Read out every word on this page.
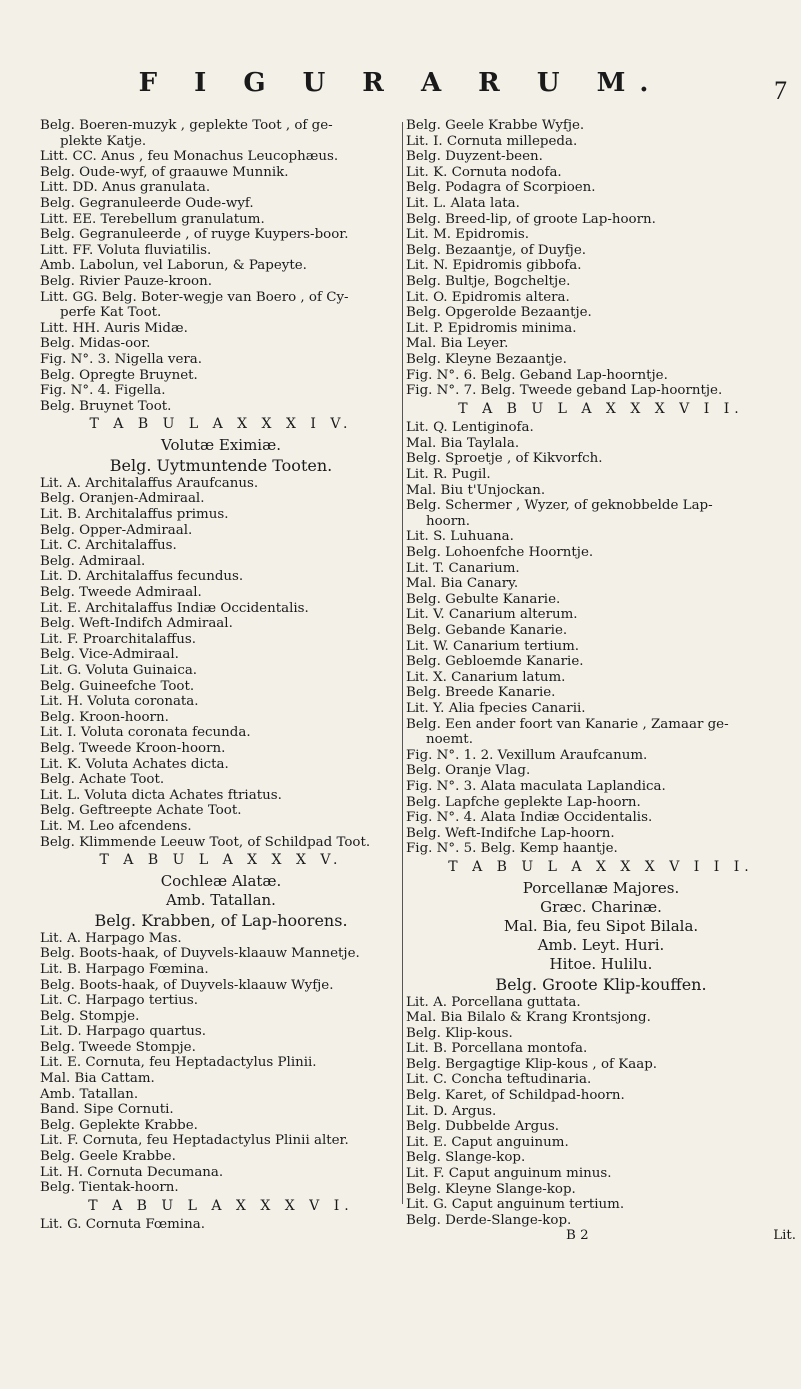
F I G U R A R U M.	7
Belg. Boeren-muzyk , geplekte Toot , of ge-
plekte Katje.
Litt. CC. Anus , feu Monachus Leucophæus.
Belg. Oude-wyf, of graauwe Munnik.
Litt. DD. Anus granulata.
Belg. Gegranuleerde Oude-wyf.
Litt. EE. Terebellum granulatum.
Belg. Gegranuleerde , of ruyge Kuypers-boor.
Litt. FF. Voluta fluviatilis.
Amb. Labolun, vel Laborun, & Papeyte.
Belg. Rivier Pauze-kroon.
Litt. GG. Belg. Boter-wegje van Boero , of Cy-
perfe Kat Toot.
Litt. HH. Auris Midæ.
Belg. Midas-oor.
Fig. N°. 3. Nigella vera.
Belg. Opregte Bruynet.
Fig. N°. 4. Figella.
Belg. Bruynet Toot.
T A B U L A X X X I V.
Volutæ Eximiæ.
Belg. Uytmuntende Tooten.
Lit. A. Architalaffus Araufcanus.
Belg. Oranjen-Admiraal.
Lit. B. Architalaffus primus.
Belg. Opper-Admiraal.
Lit. C. Architalaffus.
Belg. Admiraal.
Lit. D. Architalaffus fecundus.
Belg. Tweede Admiraal.
Lit. E. Architalaffus Indiæ Occidentalis.
Belg. Weft-Indifch Admiraal.
Lit. F. Proarchitalaffus.
Belg. Vice-Admiraal.
Lit. G. Voluta Guinaica.
Belg. Guineefche Toot.
Lit. H. Voluta coronata.
Belg. Kroon-hoorn.
Lit. I. Voluta coronata fecunda.
Belg. Tweede Kroon-hoorn.
Lit. K. Voluta Achates dicta.
Belg. Achate Toot.
Lit. L. Voluta dicta Achates ftriatus.
Belg. Geftreepte Achate Toot.
Lit. M. Leo afcendens.
Belg. Klimmende Leeuw Toot, of Schildpad Toot.
T A B U L A X X X V.
Cochleæ Alatæ.
Amb. Tatallan.
Belg. Krabben, of Lap-hoorens.
Lit. A. Harpago Mas.
Belg. Boots-haak, of Duyvels-klaauw Mannetje.
Lit. B. Harpago Fœmina.
Belg. Boots-haak, of Duyvels-klaauw Wyfje.
Lit. C. Harpago tertius.
Belg. Stompje.
Lit. D. Harpago quartus.
Belg. Tweede Stompje.
Lit. E. Cornuta, feu Heptadactylus Plinii.
Mal. Bia Cattam.
Amb. Tatallan.
Band. Sipe Cornuti.
Belg. Geplekte Krabbe.
Lit. F. Cornuta, feu Heptadactylus Plinii alter.
Belg. Geele Krabbe.
Lit. H. Cornuta Decumana.
Belg. Tientak-hoorn.
T A B U L A X X X V I.
Lit. G. Cornuta Fœmina.
Belg. Geele Krabbe Wyfje.
Lit. I. Cornuta millepeda.
Belg. Duyzent-been.
Lit. K. Cornuta nodofa.
Belg. Podagra of Scorpioen.
Lit. L. Alata lata.
Belg. Breed-lip, of groote Lap-hoorn.
Lit. M. Epidromis.
Belg. Bezaantje, of Duyfje.
Lit. N. Epidromis gibbofa.
Belg. Bultje, Bogcheltje.
Lit. O. Epidromis altera.
Belg. Opgerolde Bezaantje.
Lit. P. Epidromis minima.
Mal. Bia Leyer.
Belg. Kleyne Bezaantje.
Fig. N°. 6. Belg. Geband Lap-hoorntje.
Fig. N°. 7. Belg. Tweede geband Lap-hoorntje.
T A B U L A X X X V I I.
Lit. Q. Lentiginofa.
Mal. Bia Taylala.
Belg. Sproetje , of Kikvorfch.
Lit. R. Pugil.
Mal. Biu t'Unjockan.
Belg. Schermer , Wyzer, of geknobbelde Lap-
hoorn.
Lit. S. Luhuana.
Belg. Lohoenfche Hoorntje.
Lit. T. Canarium.
Mal. Bia Canary.
Belg. Gebulte Kanarie.
Lit. V. Canarium alterum.
Belg. Gebande Kanarie.
Lit. W. Canarium tertium.
Belg. Gebloemde Kanarie.
Lit. X. Canarium latum.
Belg. Breede Kanarie.
Lit. Y. Alia fpecies Canarii.
Belg. Een ander foort van Kanarie , Zamaar ge-
noemt.
Fig. N°. 1. 2. Vexillum Araufcanum.
Belg. Oranje Vlag.
Fig. N°. 3. Alata maculata Laplandica.
Belg. Lapfche geplekte Lap-hoorn.
Fig. N°. 4. Alata Indiæ Occidentalis.
Belg. Weft-Indifche Lap-hoorn.
Fig. N°. 5. Belg. Kemp haantje.
T A B U L A X X X V I I I.
Porcellanæ Majores.
Græc. Charinæ.
Mal. Bia, feu Sipot Bilala.
Amb. Leyt. Huri.
Hitoe. Hulilu.
Belg. Groote Klip-kouffen.
Lit. A. Porcellana guttata.
Mal. Bia Bilalo & Krang Krontsjong.
Belg. Klip-kous.
Lit. B. Porcellana montofa.
Belg. Bergagtige Klip-kous , of Kaap.
Lit. C. Concha teftudinaria.
Belg. Karet, of Schildpad-hoorn.
Lit. D. Argus.
Belg. Dubbelde Argus.
Lit. E. Caput anguinum.
Belg. Slange-kop.
Lit. F. Caput anguinum minus.
Belg. Kleyne Slange-kop.
Lit. G. Caput anguinum tertium.
Belg. Derde-Slange-kop.
B 2	Lit.
